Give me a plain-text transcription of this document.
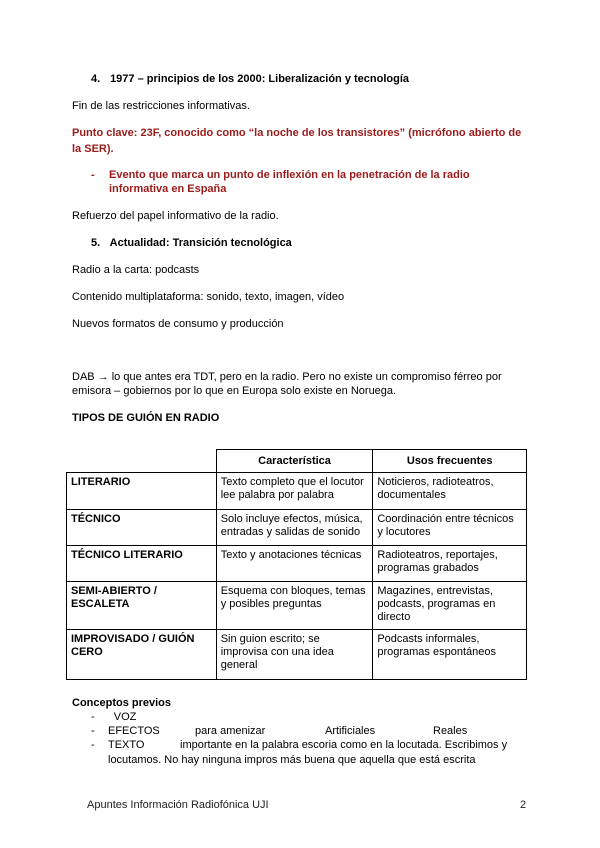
4. 1977 – principios de los 2000: Liberalización y tecnología
Fin de las restricciones informativas.
Punto clave: 23F, conocido como “la noche de los transistores” (micrófono abierto de la SER).
- Evento que marca un punto de inflexión en la penetración de la radio informativa en España
Refuerzo del papel informativo de la radio.
5. Actualidad: Transición tecnológica
Radio a la carta: podcasts
Contenido multiplataforma: sonido, texto, imagen, vídeo
Nuevos formatos de consumo y producción
DAB → lo que antes era TDT, pero en la radio. Pero no existe un compromiso férreo por emisora – gobiernos por lo que en Europa solo existe en Noruega.
TIPOS DE GUIÓN EN RADIO
	Característica	Usos frecuentes
LITERARIO	Texto completo que el locutor lee palabra por palabra	Noticieros, radioteatros, documentales
TÉCNICO	Solo incluye efectos, música, entradas y salidas de sonido	Coordinación entre técnicos y locutores
TÉCNICO LITERARIO	Texto y anotaciones técnicas	Radioteatros, reportajes, programas grabados
SEMI-ABIERTO / ESCALETA	Esquema con bloques, temas y posibles preguntas	Magazines, entrevistas, podcasts, programas en directo
IMPROVISADO / GUIÓN CERO	Sin guion escrito; se improvisa con una idea general	Podcasts informales, programas espontáneos
Conceptos previos
- VOZ
- EFECTOS	para amenizar	Artificiales	Reales
- TEXTO	importante en la palabra escoria como en la locutada. Escribimos y locutamos. No hay ninguna impros más buena que aquella que está escrita
Apuntes Información Radiofónica UJI	2
